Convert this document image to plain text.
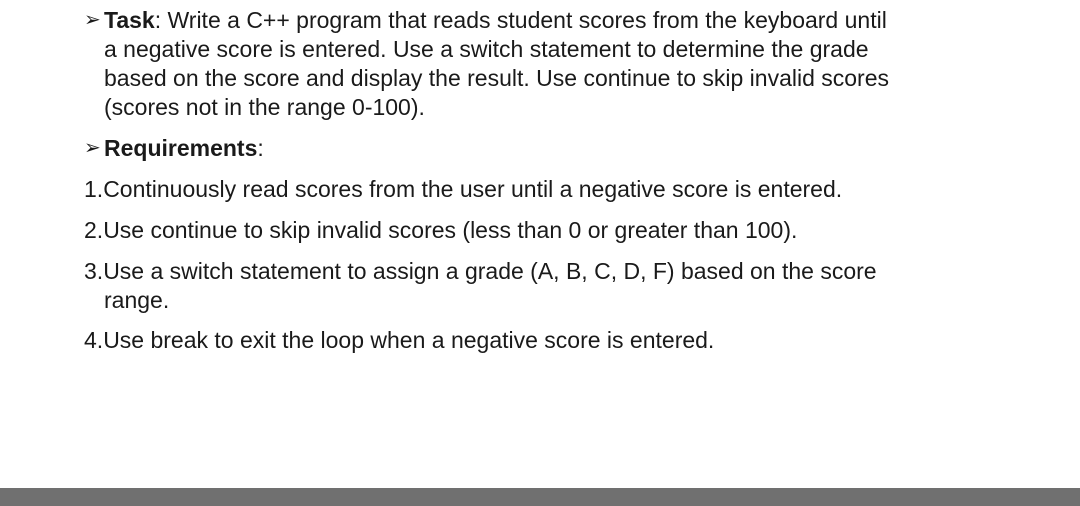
➢ Task: Write a C++ program that reads student scores from the keyboard until
a negative score is entered. Use a switch statement to determine the grade
based on the score and display the result. Use continue to skip invalid scores
(scores not in the range 0-100).
➢ Requirements:
1. Continuously read scores from the user until a negative score is entered.
2. Use continue to skip invalid scores (less than 0 or greater than 100).
3. Use a switch statement to assign a grade (A, B, C, D, F) based on the score
range.
4. Use break to exit the loop when a negative score is entered.
